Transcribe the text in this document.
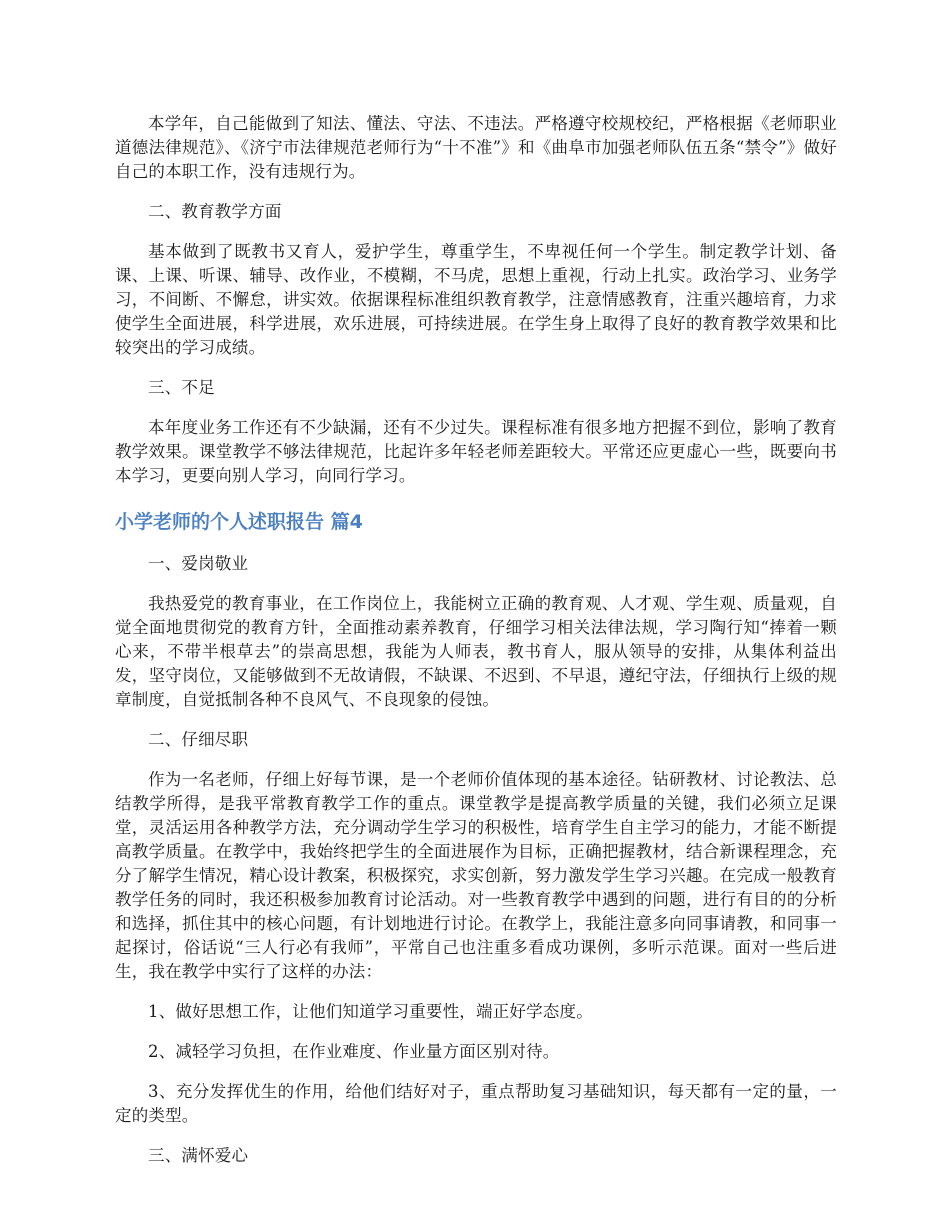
本学年，自己能做到了知法、懂法、守法、不违法。严格遵守校规校纪，严格根据《老师职业道德法律规范》、《济宁市法律规范老师行为“十不准”》和《曲阜市加强老师队伍五条“禁令”》做好自己的本职工作，没有违规行为。

二、教育教学方面

基本做到了既教书又育人，爱护学生，尊重学生，不卑视任何一个学生。制定教学计划、备课、上课、听课、辅导、改作业，不模糊，不马虎，思想上重视，行动上扎实。政治学习、业务学习，不间断、不懈怠，讲实效。依据课程标准组织教育教学，注意情感教育，注重兴趣培育，力求使学生全面进展，科学进展，欢乐进展，可持续进展。在学生身上取得了良好的教育教学效果和比较突出的学习成绩。

三、不足

本年度业务工作还有不少缺漏，还有不少过失。课程标准有很多地方把握不到位，影响了教育教学效果。课堂教学不够法律规范，比起许多年轻老师差距较大。平常还应更虚心一些，既要向书本学习，更要向别人学习，向同行学习。

小学老师的个人述职报告 篇4

一、爱岗敬业

我热爱党的教育事业，在工作岗位上，我能树立正确的教育观、人才观、学生观、质量观，自觉全面地贯彻党的教育方针，全面推动素养教育，仔细学习相关法律法规，学习陶行知“捧着一颗心来，不带半根草去”的崇高思想，我能为人师表，教书育人，服从领导的安排，从集体利益出发，坚守岗位，又能够做到不无故请假，不缺课、不迟到、不早退，遵纪守法，仔细执行上级的规章制度，自觉抵制各种不良风气、不良现象的侵蚀。

二、仔细尽职

作为一名老师，仔细上好每节课，是一个老师价值体现的基本途径。钻研教材、讨论教法、总结教学所得，是我平常教育教学工作的重点。课堂教学是提高教学质量的关键，我们必须立足课堂，灵活运用各种教学方法，充分调动学生学习的积极性，培育学生自主学习的能力，才能不断提高教学质量。在教学中，我始终把学生的全面进展作为目标，正确把握教材，结合新课程理念，充分了解学生情况，精心设计教案，积极探究，求实创新，努力激发学生学习兴趣。在完成一般教育教学任务的同时，我还积极参加教育讨论活动。对一些教育教学中遇到的问题，进行有目的的分析和选择，抓住其中的核心问题，有计划地进行讨论。在教学上，我能注意多向同事请教，和同事一起探讨，俗话说“三人行必有我师”，平常自己也注重多看成功课例，多听示范课。面对一些后进生，我在教学中实行了这样的办法：

1、做好思想工作，让他们知道学习重要性，端正好学态度。

2、减轻学习负担，在作业难度、作业量方面区别对待。

3、充分发挥优生的作用，给他们结好对子，重点帮助复习基础知识，每天都有一定的量，一定的类型。

三、满怀爱心
